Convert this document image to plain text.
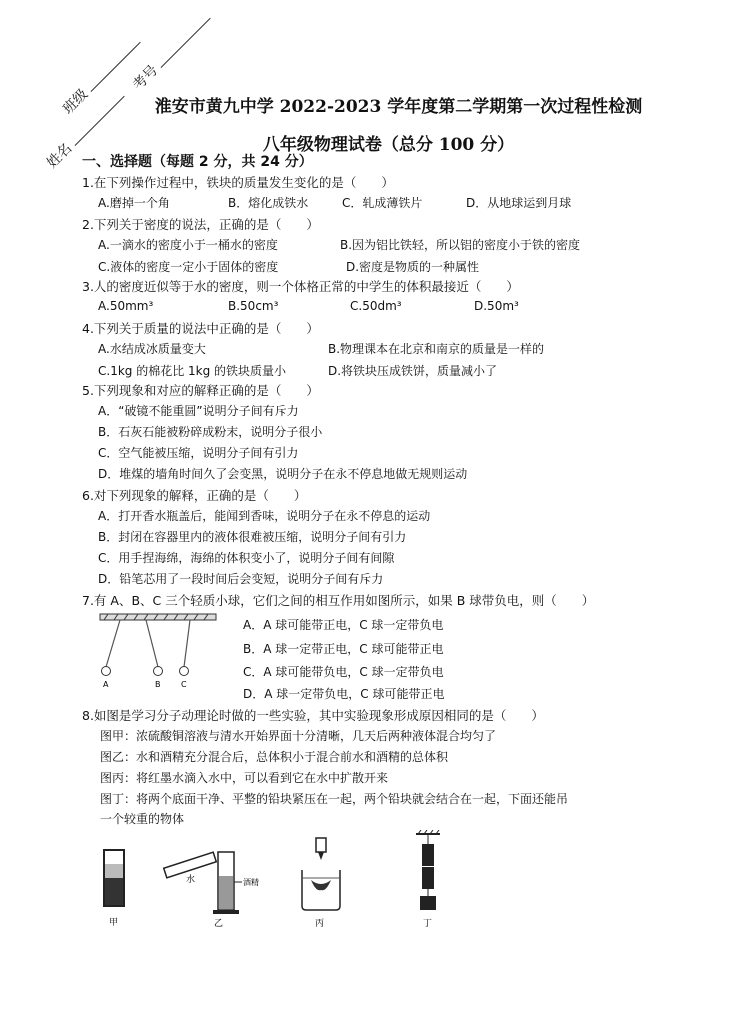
班级
考号
姓名
淮安市黄九中学 2022-2023 学年度第二学期第一次过程性检测
八年级物理试卷（总分 100 分）
一、选择题（每题 2 分，共 24 分）
1.在下列操作过程中，铁块的质量发生变化的是（　　）
A.磨掉一个角	B．熔化成铁水	C．轧成薄铁片	D．从地球运到月球
2.下列关于密度的说法，正确的是（　　）
A.一滴水的密度小于一桶水的密度	B.因为铝比铁轻，所以铝的密度小于铁的密度
C.液体的密度一定小于固体的密度	D.密度是物质的一种属性
3.人的密度近似等于水的密度，则一个体格正常的中学生的体积最接近（　　）
A.50mm³	B.50cm³	C.50dm³	D.50m³
4.下列关于质量的说法中正确的是（　　）
A.水结成冰质量变大	B.物理课本在北京和南京的质量是一样的
C.1kg 的棉花比 1kg 的铁块质量小	D.将铁块压成铁饼，质量减小了
5.下列现象和对应的解释正确的是（　　）
A．“破镜不能重圆”说明分子间有斥力
B．石灰石能被粉碎成粉末，说明分子很小
C．空气能被压缩，说明分子间有引力
D．堆煤的墙角时间久了会变黑，说明分子在永不停息地做无规则运动
6.对下列现象的解释，正确的是（　　）
A．打开香水瓶盖后，能闻到香味，说明分子在永不停息的运动
B．封闭在容器里内的液体很难被压缩，说明分子间有引力
C．用手捏海绵，海绵的体积变小了，说明分子间有间隙
D．铅笔芯用了一段时间后会变短，说明分子间有斥力
7.有 A、B、C 三个轻质小球，它们之间的相互作用如图所示，如果 B 球带负电，则（　　）
A	B	C
A．A 球可能带正电，C 球一定带负电
B．A 球一定带正电，C 球可能带正电
C．A 球可能带负电，C 球一定带负电
D．A 球一定带负电，C 球可能带正电
8.如图是学习分子动理论时做的一些实验，其中实验现象形成原因相同的是（　　）
图甲：浓硫酸铜溶液与清水开始界面十分清晰，几天后两种液体混合均匀了
图乙：水和酒精充分混合后，总体积小于混合前水和酒精的总体积
图丙：将红墨水滴入水中，可以看到它在水中扩散开来
图丁：将两个底面干净、平整的铅块紧压在一起，两个铅块就会结合在一起，下面还能吊
一个较重的物体
甲
水	酒精
乙	丙	丁
